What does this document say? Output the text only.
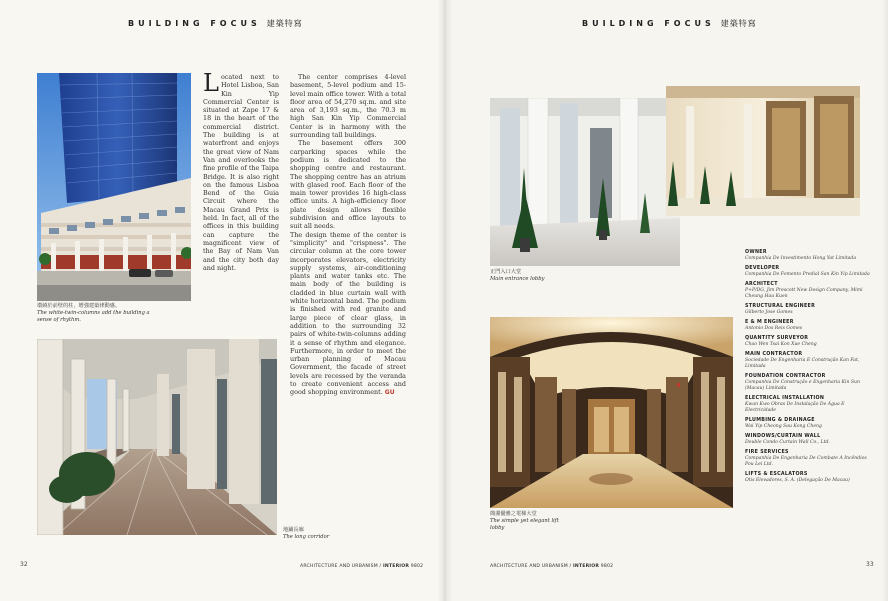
BUILDING FOCUS 建築特寫
環繞於前壁的柱，增強建築律動感。
The white-twin-columns add the building a sense of rhythm.
Located next to Hotel Lisboa, San Kin Yip Commercial Center is situated at Zape 17 & 18 in the heart of the commercial district. The building is at waterfront and enjoys the great view of Nam Van and overlooks the fine profile of the Taipa Bridge. It is also right on the famous Lisboa Bend of the Guia Circuit where the Macau Grand Prix is held. In fact, all of the offices in this building can capture the magnificent view of the Bay of Nam Van and the city both day and night.

The center comprises 4-level basement, 5-level podium and 15-level main office tower. With a total floor area of 54,270 sq.m. and site area of 3,193 sq.m., the 70.3 m high San Kin Yip Commercial Center is in harmony with the surrounding tall buildings.

The basement offers 300 carparking spaces while the podium is dedicated to the shopping centre and restaurant. The shopping centre has an atrium with glased roof. Each floor of the main tower provides 16 high-class office units. A high-efficiency floor plate design allows flexible subdivision and office layouts to suit all needs.

The design theme of the center is "simplicity" and "crispness". The circular column at the core tower incorporates elevators, electricity supply systems, air-conditioning plants and water tanks etc. The main body of the building is cladded in blue curtain wall with white horizontal band. The podium is finished with red granite and large piece of clear glass, in addition to the surrounding 32 pairs of white-twin-columns adding it a sense of rhythm and elegance. Furthermore, in order to meet the urban planning of Macau Government, the facade of street levels are recessed by the veranda to create convenient access and good shopping environment. GU
地鋪長廊
The long corridor
32	ARCHITECTURE AND URBANISM / INTERIOR 9802
BUILDING FOCUS 建築特寫
正門入口大堂
Main entrance lobby
簡潔優雅之電梯大堂
The simple yet elegant lift lobby
ARCHITECTURE AND URBANISM / INTERIOR 9802	33
OWNER
Companhia De Investimento Hong Yat Limitada
DEVELOPER
Companhia De Fomento Predial San Kin Yip Limitada
ARCHITECT
P+P/DG, Jim Prescott New Design Company, Mimi Cheung Hau Kuen
STRUCTURAL ENGINEER
Gilberto Jose Gomes
E & M ENGINEER
Antonio Dos Reis Gomes
QUANTITY SURVEYOR
Chao Wen Tsai Kon Xue Cheng
MAIN CONTRACTOR
Sociedade De Engenharia E Construção Kan Fat, Limitada
FOUNDATION CONTRACTOR
Companhia De Construção e Engenharia Kin Sun (Macau) Limitada
ELECTRICAL INSTALLATION
Kwan Kwo Obras De Instalação De Água E Electricidade
PLUMBING & DRAINAGE
Wai Yip Cheong Sau Kong Cheng
WINDOWS/CURTAIN WALL
Double Condo Curtain Wall Co., Ltd.
FIRE SERVICES
Companhia De Engenharia De Combate A Incêndios Pou Lei Ltd.
LIFTS & ESCALATORS
Otis Elevadores, S. A. (Delegação De Macau)
